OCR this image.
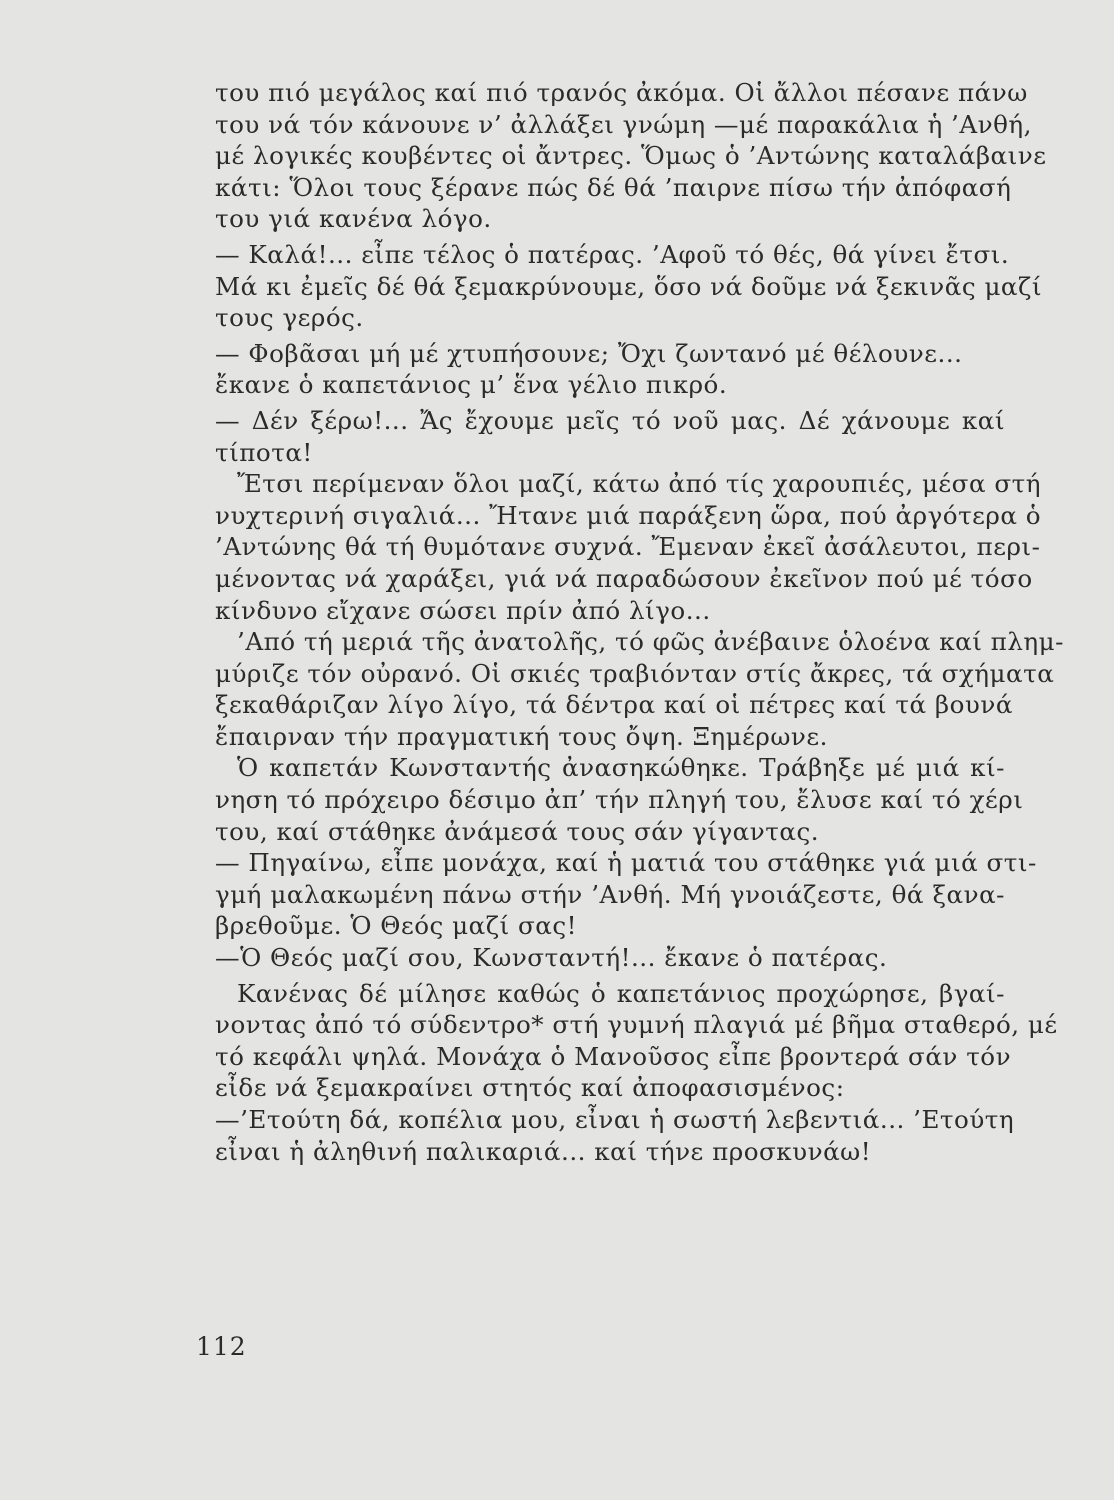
του πιό μεγάλος καί πιό τρανός ἀκόμα. Οἱ ἄλλοι πέσανε πάνω
του νά τόν κάνουνε ν’ ἀλλάξει γνώμη —μέ παρακάλια ἡ ’Ανθή,
μέ λογικές κουβέντες οἱ ἄντρες. Ὅμως ὁ ’Αντώνης καταλάβαινε
κάτι: Ὅλοι τους ξέρανε πώς δέ θά ’παιρνε πίσω τήν ἀπόφασή
του γιά κανένα λόγο.
— Καλά!... εἶπε τέλος ὁ πατέρας. ’Αφοῦ τό θές, θά γίνει ἔτσι.
Μά κι ἐμεῖς δέ θά ξεμακρύνουμε, ὅσο νά δοῦμε νά ξεκινᾶς μαζί
τους γερός.
— Φοβᾶσαι μή μέ χτυπήσουνε; Ὄχι ζωντανό μέ θέλουνε...
ἔκανε ὁ καπετάνιος μ’ ἕνα γέλιο πικρό.
— Δέν ξέρω!... Ἄς ἔχουμε μεῖς τό νοῦ μας. Δέ χάνουμε καί
τίποτα!
Ἔτσι περίμεναν ὅλοι μαζί, κάτω ἀπό τίς χαρουπιές, μέσα στή
νυχτερινή σιγαλιά... Ἤτανε μιά παράξενη ὥρα, πού ἀργότερα ὁ
’Αντώνης θά τή θυμότανε συχνά. Ἔμεναν ἐκεῖ ἀσάλευτοι, περι-
μένοντας νά χαράξει, γιά νά παραδώσουν ἐκεῖνον πού μέ τόσο
κίνδυνο εἴχανε σώσει πρίν ἀπό λίγο...
’Από τή μεριά τῆς ἀνατολῆς, τό φῶς ἀνέβαινε ὁλοένα καί πλημ-
μύριζε τόν οὐρανό. Οἱ σκιές τραβιόνταν στίς ἄκρες, τά σχήματα
ξεκαθάριζαν λίγο λίγο, τά δέντρα καί οἱ πέτρες καί τά βουνά
ἔπαιρναν τήν πραγματική τους ὄψη. Ξημέρωνε.
Ὁ καπετάν Κωνσταντής ἀνασηκώθηκε. Τράβηξε μέ μιά κί-
νηση τό πρόχειρο δέσιμο ἀπ’ τήν πληγή του, ἔλυσε καί τό χέρι
του, καί στάθηκε ἀνάμεσά τους σάν γίγαντας.
— Πηγαίνω, εἶπε μονάχα, καί ἡ ματιά του στάθηκε γιά μιά στι-
γμή μαλακωμένη πάνω στήν ’Ανθή. Μή γνοιάζεστε, θά ξανα-
βρεθοῦμε. Ὁ Θεός μαζί σας!
—Ὁ Θεός μαζί σου, Κωνσταντή!... ἔκανε ὁ πατέρας.
Κανένας δέ μίλησε καθώς ὁ καπετάνιος προχώρησε, βγαί-
νοντας ἀπό τό σύδεντρο* στή γυμνή πλαγιά μέ βῆμα σταθερό, μέ
τό κεφάλι ψηλά. Μονάχα ὁ Μανοῦσος εἶπε βροντερά σάν τόν
εἶδε νά ξεμακραίνει στητός καί ἀποφασισμένος:
—’Ετούτη δά, κοπέλια μου, εἶναι ἡ σωστή λεβεντιά... ’Ετούτη
εἶναι ἡ ἀληθινή παλικαριά... καί τήνε προσκυνάω!
112
